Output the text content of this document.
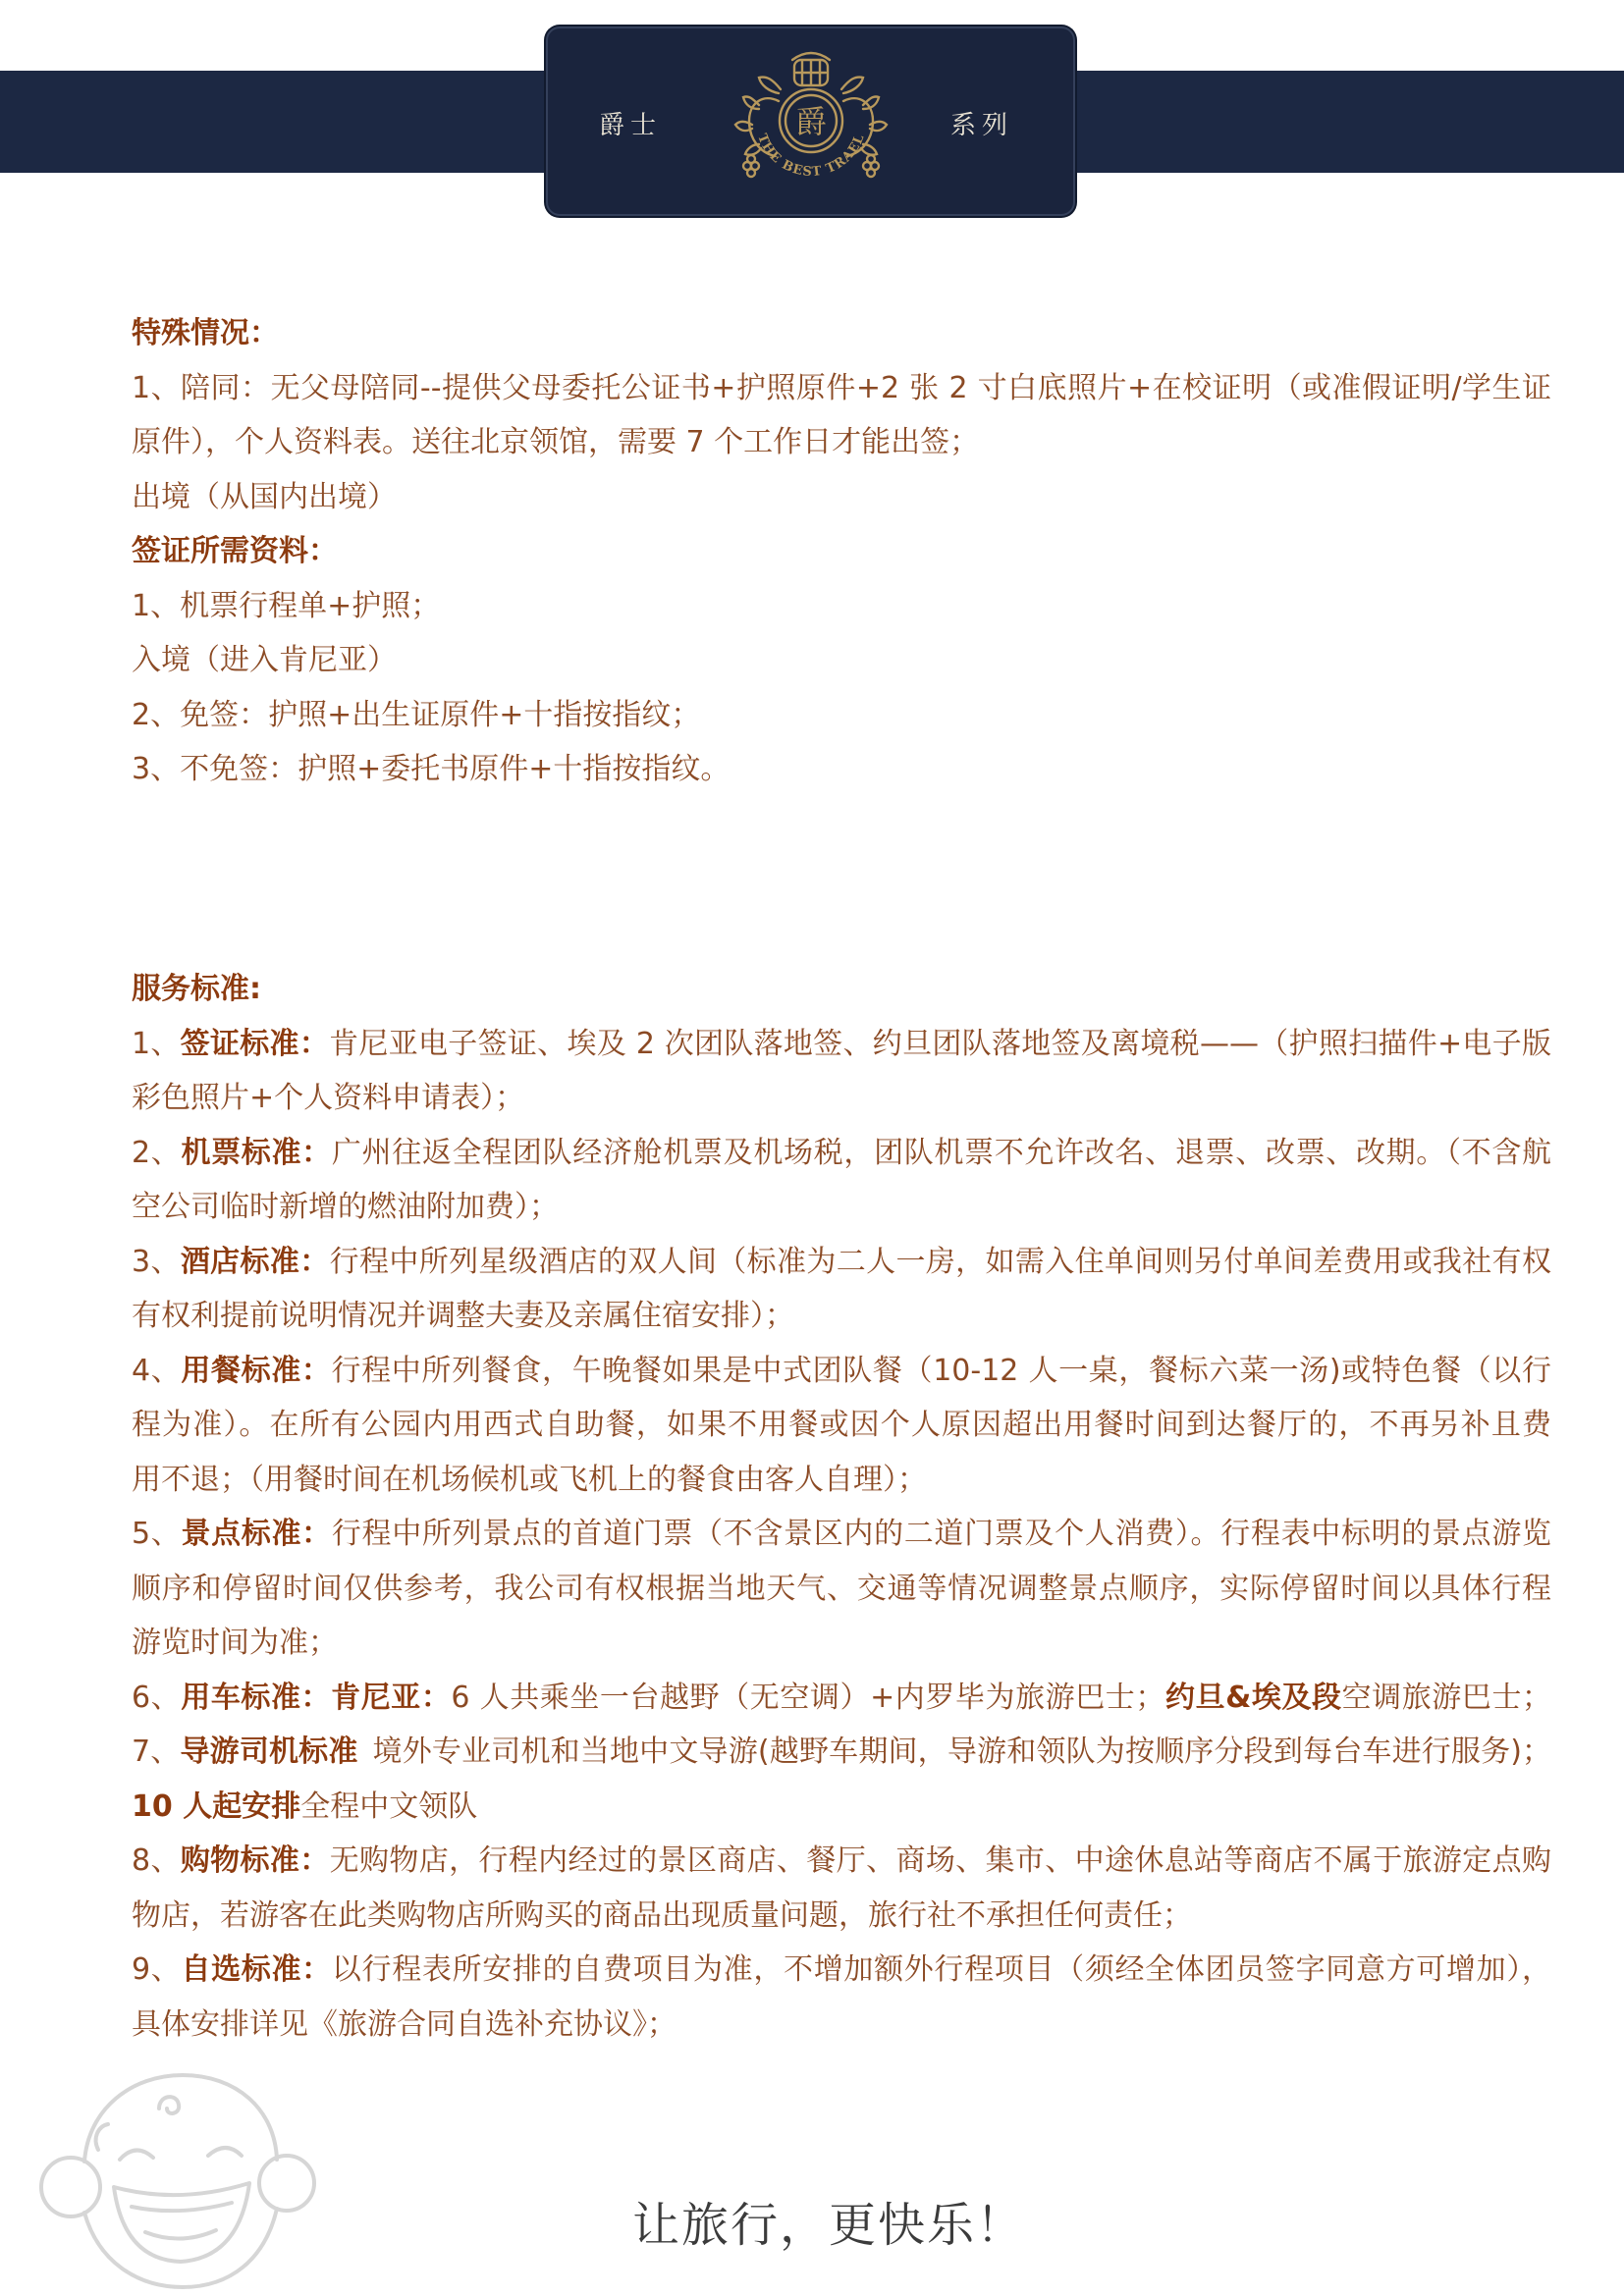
爵士	爵
THE BEST TRAEL	系列
特殊情况：
1、陪同：无父母陪同--提供父母委托公证书+护照原件+2 张 2 寸白底照片+在校证明（或准假证明/学生证
原件），个人资料表。送往北京领馆，需要 7 个工作日才能出签；
出境（从国内出境）
签证所需资料：
1、机票行程单+护照；
入境（进入肯尼亚）
2、免签：护照+出生证原件+十指按指纹；
3、不免签：护照+委托书原件+十指按指纹。
服务标准:
1、签证标准：肯尼亚电子签证、埃及 2 次团队落地签、约旦团队落地签及离境税——（护照扫描件+电子版
彩色照片+个人资料申请表）；
2、机票标准：广州往返全程团队经济舱机票及机场税，团队机票不允许改名、退票、改票、改期。（不含航
空公司临时新增的燃油附加费）；
3、酒店标准：行程中所列星级酒店的双人间（标准为二人一房，如需入住单间则另付单间差费用或我社有权
有权利提前说明情况并调整夫妻及亲属住宿安排）；
4、用餐标准：行程中所列餐食，午晚餐如果是中式团队餐（10-12 人一桌，餐标六菜一汤)或特色餐（以行
程为准）。在所有公园内用西式自助餐，如果不用餐或因个人原因超出用餐时间到达餐厅的，不再另补且费
用不退；（用餐时间在机场候机或飞机上的餐食由客人自理）；
5、景点标准：行程中所列景点的首道门票（不含景区内的二道门票及个人消费）。行程表中标明的景点游览
顺序和停留时间仅供参考，我公司有权根据当地天气、交通等情况调整景点顺序，实际停留时间以具体行程
游览时间为准；
6、用车标准：肯尼亚：6 人共乘坐一台越野（无空调）+内罗毕为旅游巴士；约旦&埃及段空调旅游巴士；
7、导游司机标准 境外专业司机和当地中文导游(越野车期间，导游和领队为按顺序分段到每台车进行服务)；
10 人起安排全程中文领队
8、购物标准：无购物店，行程内经过的景区商店、餐厅、商场、集市、中途休息站等商店不属于旅游定点购
物店，若游客在此类购物店所购买的商品出现质量问题，旅行社不承担任何责任；
9、自选标准：以行程表所安排的自费项目为准，不增加额外行程项目（须经全体团员签字同意方可增加），
具体安排详见《旅游合同自选补充协议》；
让旅行，更快乐！
